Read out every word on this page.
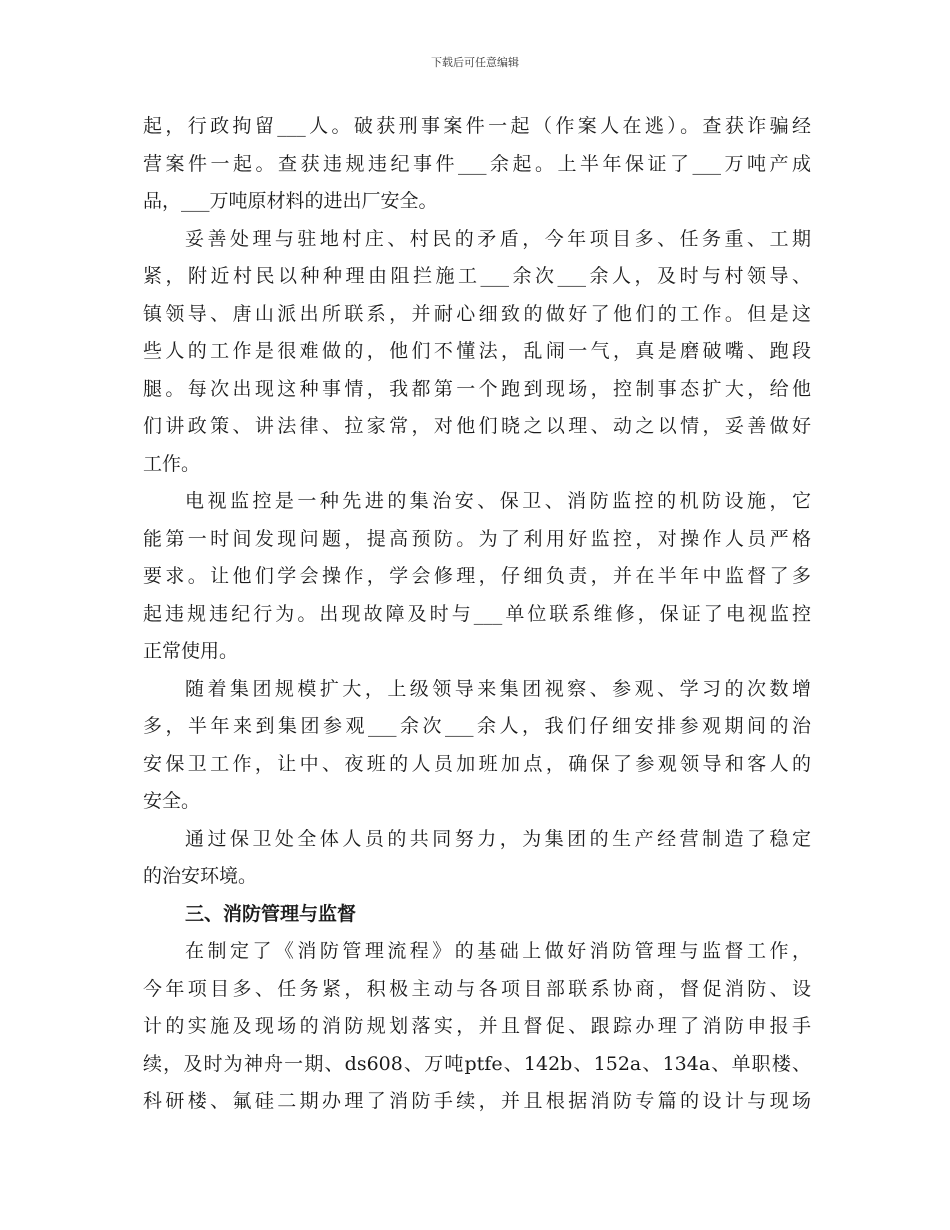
下载后可任意编辑
起，行政拘留___人。破获刑事案件一起（作案人在逃）。查获诈骗经
营案件一起。查获违规违纪事件___余起。上半年保证了___万吨产成
品，___万吨原材料的进出厂安全。
妥善处理与驻地村庄、村民的矛盾，今年项目多、任务重、工期
紧，附近村民以种种理由阻拦施工___余次___余人，及时与村领导、
镇领导、唐山派出所联系，并耐心细致的做好了他们的工作。但是这
些人的工作是很难做的，他们不懂法，乱闹一气，真是磨破嘴、跑段
腿。每次出现这种事情，我都第一个跑到现场，控制事态扩大，给他
们讲政策、讲法律、拉家常，对他们晓之以理、动之以情，妥善做好
工作。
电视监控是一种先进的集治安、保卫、消防监控的机防设施，它
能第一时间发现问题，提高预防。为了利用好监控，对操作人员严格
要求。让他们学会操作，学会修理，仔细负责，并在半年中监督了多
起违规违纪行为。出现故障及时与___单位联系维修，保证了电视监控
正常使用。
随着集团规模扩大，上级领导来集团视察、参观、学习的次数增
多，半年来到集团参观___余次___余人，我们仔细安排参观期间的治
安保卫工作，让中、夜班的人员加班加点，确保了参观领导和客人的
安全。
通过保卫处全体人员的共同努力，为集团的生产经营制造了稳定
的治安环境。
三、消防管理与监督
在制定了《消防管理流程》的基础上做好消防管理与监督工作，
今年项目多、任务紧，积极主动与各项目部联系协商，督促消防、设
计的实施及现场的消防规划落实，并且督促、跟踪办理了消防申报手
续，及时为神舟一期、ds608、万吨ptfe、142b、152a、134a、单职楼、
科研楼、氟硅二期办理了消防手续，并且根据消防专篇的设计与现场
